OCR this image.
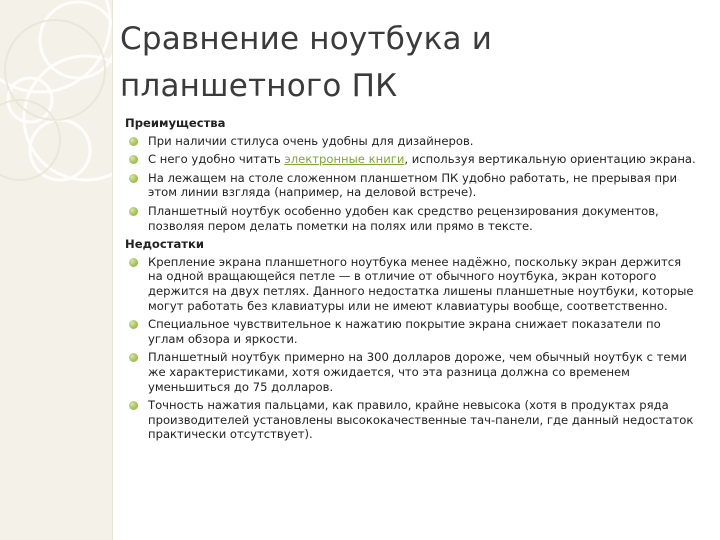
Сравнение ноутбука и
планшетного ПК
Преимущества
При наличии стилуса очень удобны для дизайнеров.
С него удобно читать электронные книги, используя вертикальную ориентацию экрана.
На лежащем на столе сложенном планшетном ПК удобно работать, не прерывая при этом линии взгляда (например, на деловой встрече).
Планшетный ноутбук особенно удобен как средство рецензирования документов, позволяя пером делать пометки на полях или прямо в тексте.
Недостатки
Крепление экрана планшетного ноутбука менее надёжно, поскольку экран держится на одной вращающейся петле — в отличие от обычного ноутбука, экран которого держится на двух петлях. Данного недостатка лишены планшетные ноутбуки, которые могут работать без клавиатуры или не имеют клавиатуры вообще, соответственно.
Специальное чувствительное к нажатию покрытие экрана снижает показатели по углам обзора и яркости.
Планшетный ноутбук примерно на 300 долларов дороже, чем обычный ноутбук с теми же характеристиками, хотя ожидается, что эта разница должна со временем уменьшиться до 75 долларов.
Точность нажатия пальцами, как правило, крайне невысока (хотя в продуктах ряда производителей установлены высококачественные тач-панели, где данный недостаток практически отсутствует).
